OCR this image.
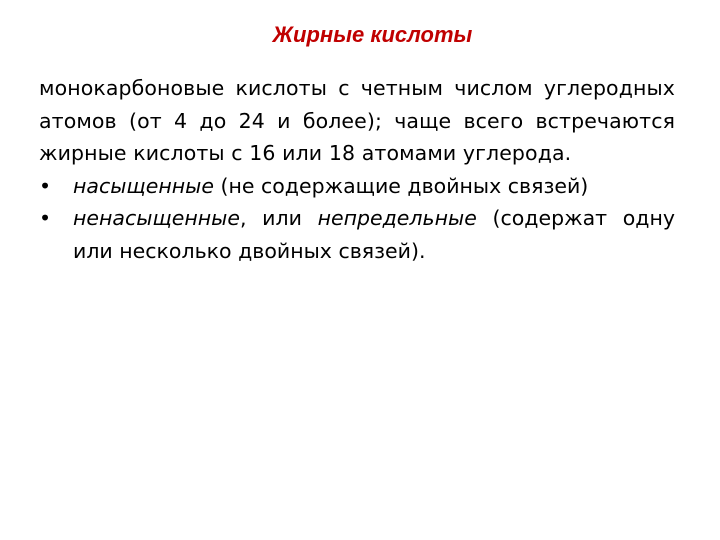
Жирные кислоты

монокарбоновые кислоты с четным числом углеродных атомов (от 4 до 24 и более); чаще всего встречаются жирные кислоты с 16 или 18 атомами углерода.

•	насыщенные (не содержащие двойных связей)
•	ненасыщенные, или непредельные (содержат одну или несколько двойных связей).
